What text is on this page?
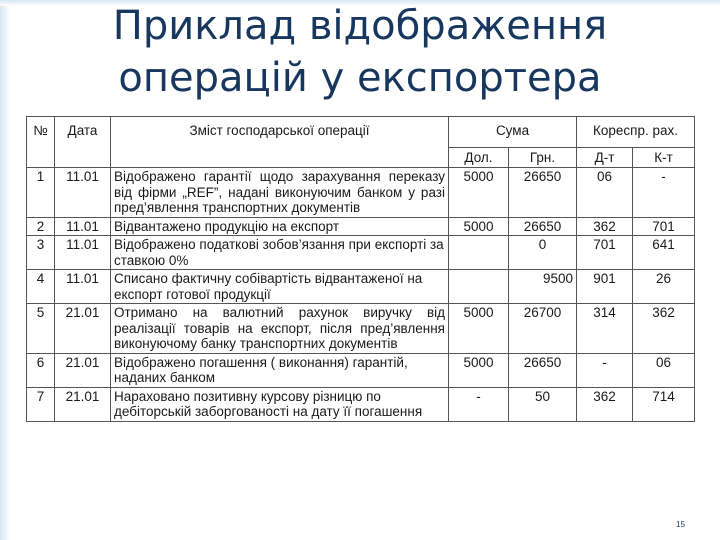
Приклад відображення
операцій у експортера
№	Дата	Зміст господарської операції	Сума		Кореспр. рах.	
			Дол.	Грн.	Д-т	К-т
1	11.01	Відображено гарантії щодо зарахування переказу від фірми „REF”, надані виконуючим банком у разі пред’явлення транспортних документів	5000	26650	06	-
2	11.01	Відвантажено продукцію на експорт	5000	26650	362	701
3	11.01	Відображено податкові зобов’язання при експорті за ставкою 0%		0	701	641
4	11.01	Списано фактичну собівартість відвантаженої на експорт готової продукції		9500	901	26
5	21.01	Отримано на валютний рахунок виручку від реалізації товарів на експорт, після пред’явлення виконуючому банку транспортних документів	5000	26700	314	362
6	21.01	Відображено погашення ( виконання) гарантій, наданих банком	5000	26650	-	06
7	21.01	Нараховано позитивну курсову різницю по дебіторській заборгованості на дату її погашення	-	50	362	714
15
